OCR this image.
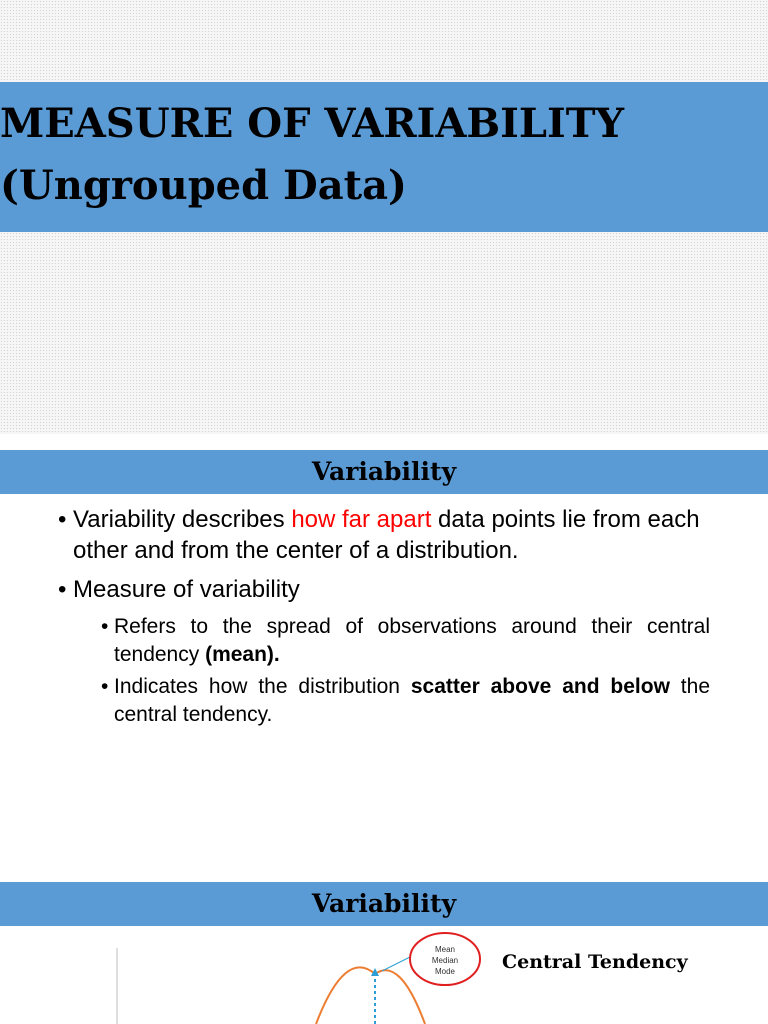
MEASURE OF VARIABILITY
(Ungrouped Data)
Variability
• Variability describes how far apart data points lie from each other and from the center of a distribution.
• Measure of variability
• Refers to the spread of observations around their central tendency (mean).
• Indicates how the distribution scatter above and below the central tendency.
Variability
Mean
Median
Mode Central Tendency
